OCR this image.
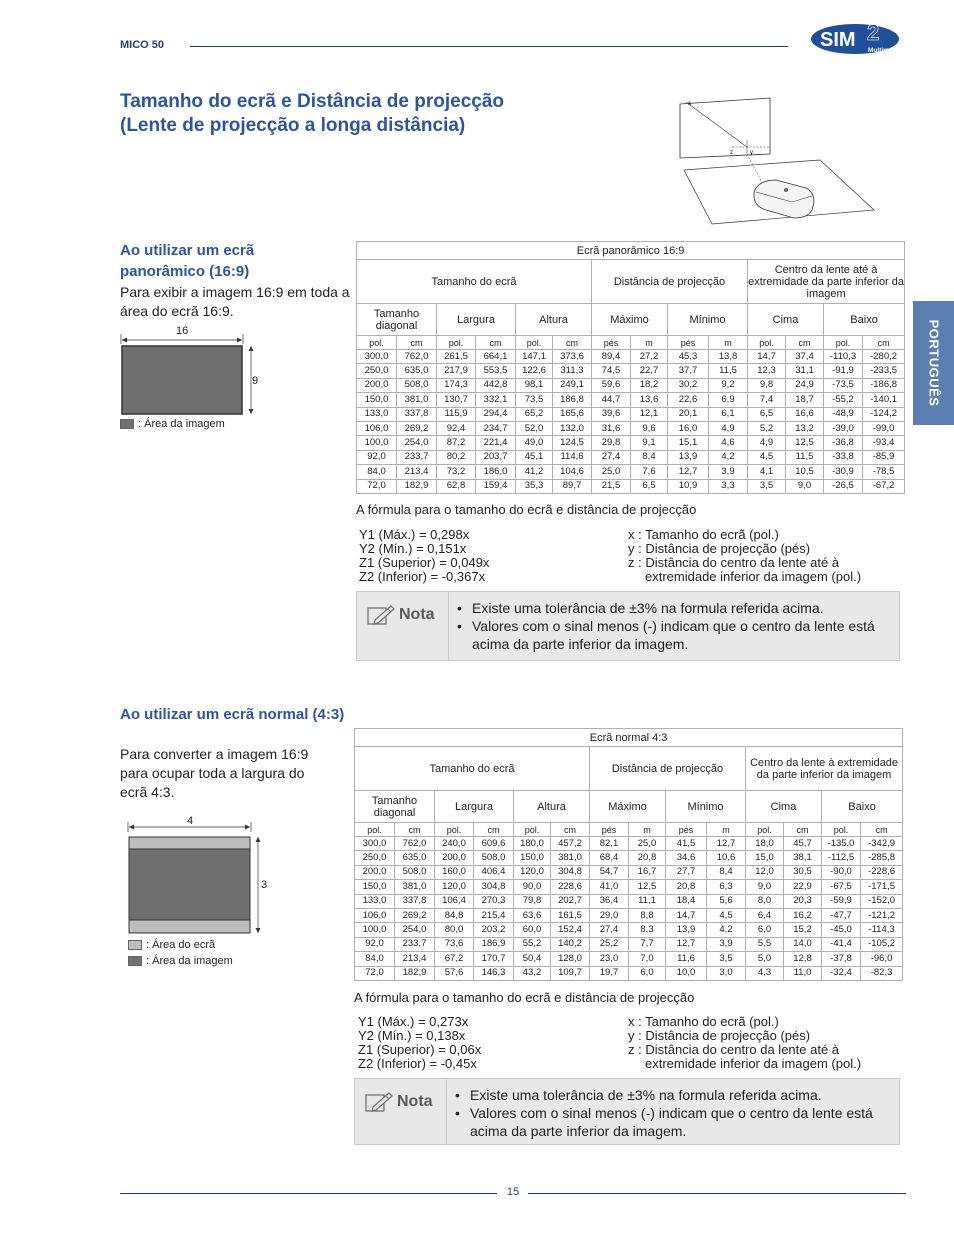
MICO 50	SIM 2
Multimedia
Tamanho do ecrã e Distância de projecção
(Lente de projecção a longa distância)
x
z	y
PORTUGUÊS
Ao utilizar um ecrã panorâmico (16:9)
Para exibir a imagem 16:9 em toda a área do ecrã 16:9.
16
9
: Área da imagem
Ecrã panorâmico 16:9													
Tamanho do ecrã						Distância de projecção				Centro da lente até à extremidade da parte inferior da imagem			
Tamanho diagonal		Largura		Altura		Máximo		Mínimo		Cima		Baixo	
pol.	cm	pol.	cm	pol.	cm	pés	m	pés	m	pol.	cm	pol.	cm
300,0	762,0	261,5	664,1	147,1	373,6	89,4	27,2	45,3	13,8	14,7	37,4	-110,3	-280,2
250,0	635,0	217,9	553,5	122,6	311,3	74,5	22,7	37,7	11,5	12,3	31,1	-91,9	-233,5
200,0	508,0	174,3	442,8	98,1	249,1	59,6	18,2	30,2	9,2	9,8	24,9	-73,5	-186,8
150,0	381,0	130,7	332,1	73,5	186,8	44,7	13,6	22,6	6,9	7,4	18,7	-55,2	-140,1
133,0	337,8	115,9	294,4	65,2	165,6	39,6	12,1	20,1	6,1	6,5	16,6	-48,9	-124,2
106,0	269,2	92,4	234,7	52,0	132,0	31,6	9,6	16,0	4,9	5,2	13,2	-39,0	-99,0
100,0	254,0	87,2	221,4	49,0	124,5	29,8	9,1	15,1	4,6	4,9	12,5	-36,8	-93,4
92,0	233,7	80,2	203,7	45,1	114,6	27,4	8,4	13,9	4,2	4,5	11,5	-33,8	-85,9
84,0	213,4	73,2	186,0	41,2	104,6	25,0	7,6	12,7	3,9	4,1	10,5	-30,9	-78,5
72,0	182,9	62,8	159,4	35,3	89,7	21,5	6,5	10,9	3,3	3,5	9,0	-26,5	-67,2
A fórmula para o tamanho do ecrã e distância de projecção
Y1 (Máx.) = 0,298x
Y2 (Mín.) = 0,151x
Z1 (Superior) = 0,049x
Z2 (Inferior) = -0,367x
x : Tamanho do ecrã (pol.)
y : Distância de projecção (pés)
z : Distância do centro da lente até à
extremidade inferior da imagem (pol.)
Nota	• Existe uma tolerância de ±3% na formula referida acima.
• Valores com o sinal menos (-) indicam que o centro da lente está acima da parte inferior da imagem.
Ao utilizar um ecrã normal (4:3)
Para converter a imagem 16:9 para ocupar toda a largura do ecrã 4:3.
4
3
: Área do ecrã
: Área da imagem
Ecrã normal 4:3													
Tamanho do ecrã						Distância de projecção				Centro da lente à extremidade da parte inferior da imagem			
Tamanho diagonal		Largura		Altura		Máximo		Mínimo		Cima		Baixo	
pol.	cm	pol.	cm	pol.	cm	pés	m	pés	m	pol.	cm	pol.	cm
300,0	762,0	240,0	609,6	180,0	457,2	82,1	25,0	41,5	12,7	18,0	45,7	-135,0	-342,9
250,0	635,0	200,0	508,0	150,0	381,0	68,4	20,8	34,6	10,6	15,0	38,1	-112,5	-285,8
200,0	508,0	160,0	406,4	120,0	304,8	54,7	16,7	27,7	8,4	12,0	30,5	-90,0	-228,6
150,0	381,0	120,0	304,8	90,0	228,6	41,0	12,5	20,8	6,3	9,0	22,9	-67,5	-171,5
133,0	337,8	106,4	270,3	79,8	202,7	36,4	11,1	18,4	5,6	8,0	20,3	-59,9	-152,0
106,0	269,2	84,8	215,4	63,6	161,5	29,0	8,8	14,7	4,5	6,4	16,2	-47,7	-121,2
100,0	254,0	80,0	203,2	60,0	152,4	27,4	8,3	13,9	4,2	6,0	15,2	-45,0	-114,3
92,0	233,7	73,6	186,9	55,2	140,2	25,2	7,7	12,7	3,9	5,5	14,0	-41,4	-105,2
84,0	213,4	67,2	170,7	50,4	128,0	23,0	7,0	11,6	3,5	5,0	12,8	-37,8	-96,0
72,0	182,9	57,6	146,3	43,2	109,7	19,7	6,0	10,0	3,0	4,3	11,0	-32,4	-82,3
A fórmula para o tamanho do ecrã e distância de projecção
Y1 (Máx.) = 0,273x
Y2 (Mín.) = 0,138x
Z1 (Superior) = 0,06x
Z2 (Inferior) = -0,45x
x : Tamanho do ecrã (pol.)
y : Distância de projecção (pés)
z : Distância do centro da lente até à
extremidade inferior da imagem (pol.)
Nota	• Existe uma tolerância de ±3% na formula referida acima.
• Valores com o sinal menos (-) indicam que o centro da lente está acima da parte inferior da imagem.
15
